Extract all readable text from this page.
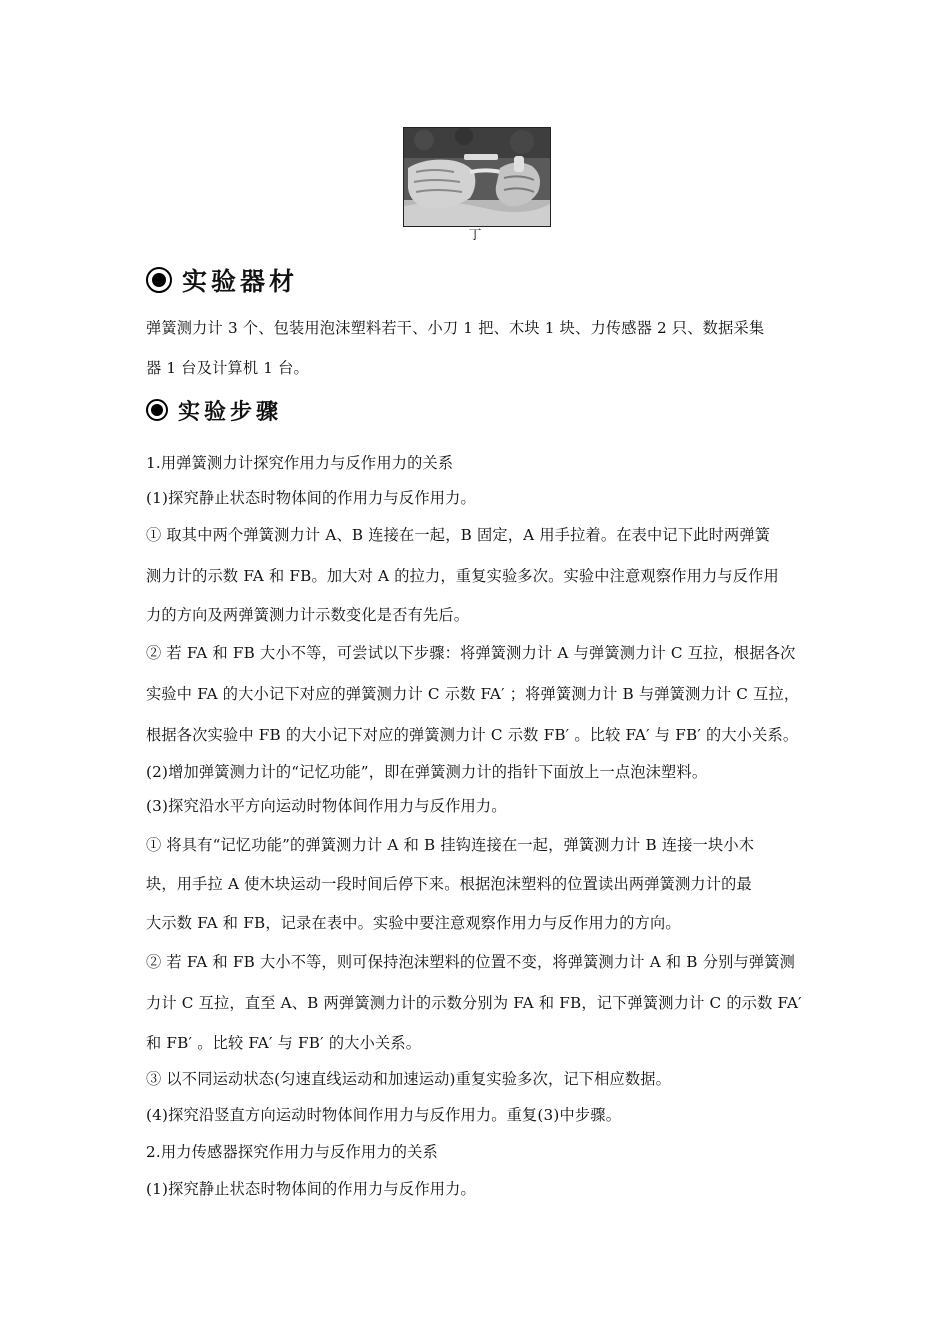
丁
实验器材
弹簧测力计 3 个、包装用泡沫塑料若干、小刀 1 把、木块 1 块、力传感器 2 只、数据采集
器 1 台及计算机 1 台。
实验步骤
1.用弹簧测力计探究作用力与反作用力的关系
(1)探究静止状态时物体间的作用力与反作用力。
① 取其中两个弹簧测力计 A、B 连接在一起，B 固定，A 用手拉着。在表中记下此时两弹簧
测力计的示数 FA 和 FB。加大对 A 的拉力，重复实验多次。实验中注意观察作用力与反作用
力的方向及两弹簧测力计示数变化是否有先后。
② 若 FA 和 FB 大小不等，可尝试以下步骤：将弹簧测力计 A 与弹簧测力计 C 互拉，根据各次
实验中 FA 的大小记下对应的弹簧测力计 C 示数 FA′ ；将弹簧测力计 B 与弹簧测力计 C 互拉，
根据各次实验中 FB 的大小记下对应的弹簧测力计 C 示数 FB′ 。比较 FA′ 与 FB′ 的大小关系。
(2)增加弹簧测力计的“记忆功能”，即在弹簧测力计的指针下面放上一点泡沫塑料。
(3)探究沿水平方向运动时物体间作用力与反作用力。
① 将具有“记忆功能”的弹簧测力计 A 和 B 挂钩连接在一起，弹簧测力计 B 连接一块小木
块，用手拉 A 使木块运动一段时间后停下来。根据泡沫塑料的位置读出两弹簧测力计的最
大示数 FA 和 FB，记录在表中。实验中要注意观察作用力与反作用力的方向。
② 若 FA 和 FB 大小不等，则可保持泡沫塑料的位置不变，将弹簧测力计 A 和 B 分别与弹簧测
力计 C 互拉，直至 A、B 两弹簧测力计的示数分别为 FA 和 FB，记下弹簧测力计 C 的示数 FA′
和 FB′ 。比较 FA′ 与 FB′ 的大小关系。
③ 以不同运动状态(匀速直线运动和加速运动)重复实验多次，记下相应数据。
(4)探究沿竖直方向运动时物体间作用力与反作用力。重复(3)中步骤。
2.用力传感器探究作用力与反作用力的关系
(1)探究静止状态时物体间的作用力与反作用力。
